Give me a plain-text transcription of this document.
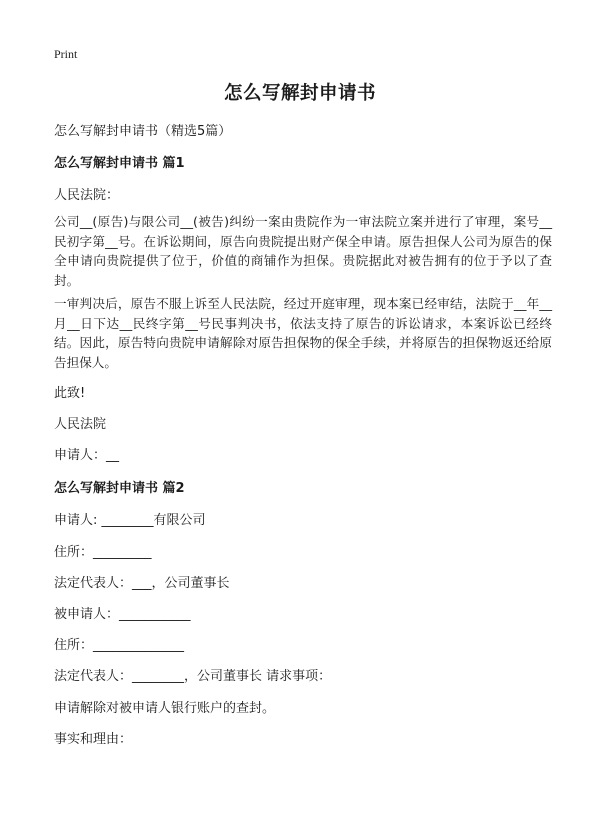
Print
怎么写解封申请书
怎么写解封申请书（精选5篇）
怎么写解封申请书 篇1
人民法院：
公司__(原告)与限公司__(被告)纠纷一案由贵院作为一审法院立案并进行了审理，案号__民初字第__号。在诉讼期间，原告向贵院提出财产保全申请。原告担保人公司为原告的保全申请向贵院提供了位于，价值的商铺作为担保。贵院据此对被告拥有的位于予以了查封。
一审判决后，原告不服上诉至人民法院，经过开庭审理，现本案已经审结，法院于__年__月__日下达__民终字第__号民事判决书，依法支持了原告的诉讼请求，本案诉讼已经终结。因此，原告特向贵院申请解除对原告担保物的保全手续，并将原告的担保物返还给原告担保人。
此致!
人民法院
申请人：__
怎么写解封申请书 篇2
申请人: ________有限公司
住所：_________
法定代表人：___，公司董事长
被申请人：___________
住所：______________
法定代表人：________，公司董事长 请求事项：
申请解除对被申请人银行账户的查封。
事实和理由：
